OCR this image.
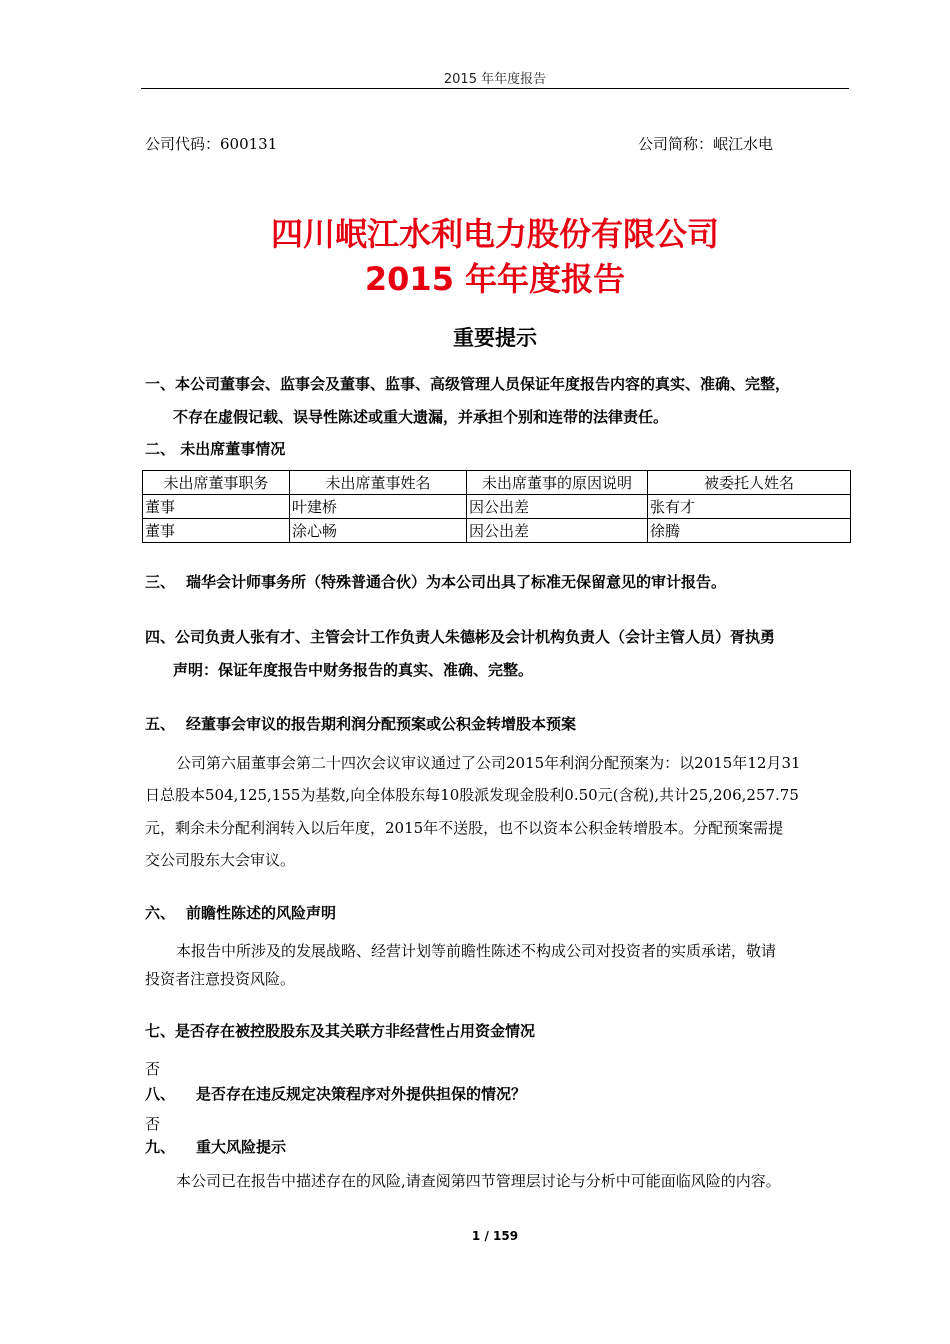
2015 年年度报告
公司代码：600131	公司简称：岷江水电
四川岷江水利电力股份有限公司
2015 年年度报告
重要提示
一、本公司董事会、监事会及董事、监事、高级管理人员保证年度报告内容的真实、准确、完整，
不存在虚假记载、误导性陈述或重大遗漏，并承担个别和连带的法律责任。
二、 未出席董事情况
未出席董事职务	未出席董事姓名	未出席董事的原因说明	被委托人姓名
董事	叶建桥	因公出差	张有才
董事	涂心畅	因公出差	徐腾
三、 瑞华会计师事务所（特殊普通合伙）为本公司出具了标准无保留意见的审计报告。
四、公司负责人张有才、主管会计工作负责人朱德彬及会计机构负责人（会计主管人员）胥执勇
声明：保证年度报告中财务报告的真实、准确、完整。
五、 经董事会审议的报告期利润分配预案或公积金转增股本预案
公司第六届董事会第二十四次会议审议通过了公司2015年利润分配预案为：以2015年12月31
日总股本504,125,155为基数,向全体股东每10股派发现金股利0.50元(含税),共计25,206,257.75
元，剩余未分配利润转入以后年度，2015年不送股，也不以资本公积金转增股本。分配预案需提
交公司股东大会审议。
六、 前瞻性陈述的风险声明
本报告中所涉及的发展战略、经营计划等前瞻性陈述不构成公司对投资者的实质承诺，敬请
投资者注意投资风险。
七、是否存在被控股股东及其关联方非经营性占用资金情况
否
八、 是否存在违反规定决策程序对外提供担保的情况？
否
九、 重大风险提示
本公司已在报告中描述存在的风险,请查阅第四节管理层讨论与分析中可能面临风险的内容。
1 / 159
